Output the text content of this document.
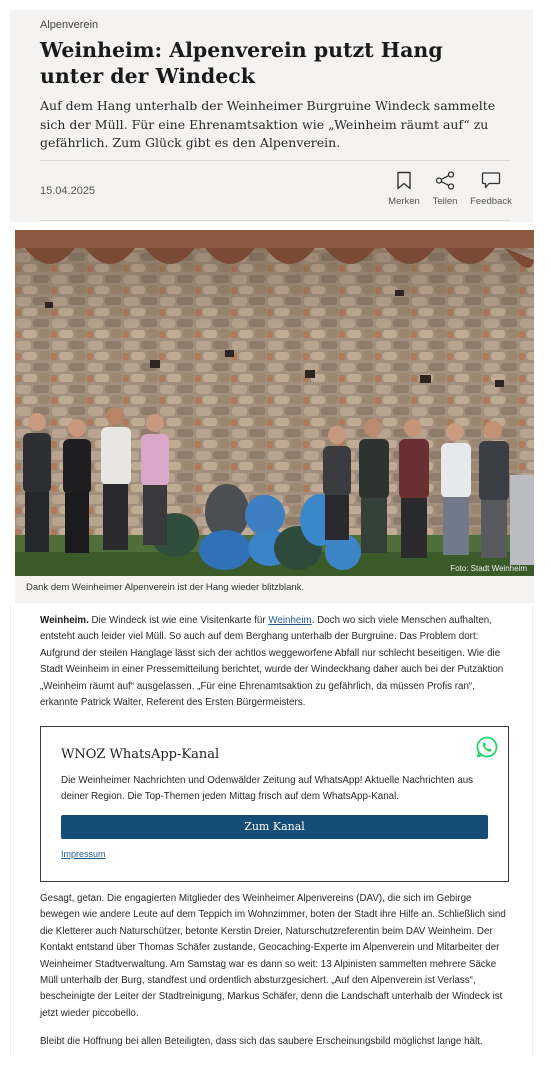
Alpenverein
Weinheim: Alpenverein putzt Hang unter der Windeck

Auf dem Hang unterhalb der Weinheimer Burgruine Windeck sammelte sich der Müll. Für eine Ehrenamtsaktion wie „Weinheim räumt auf“ zu gefährlich. Zum Glück gibt es den Alpenverein.

15.04.2025
Merken Teilen Feedback
Foto: Stadt Weinheim
Dank dem Weinheimer Alpenverein ist der Hang wieder blitzblank.

Weinheim. Die Windeck ist wie eine Visitenkarte für Weinheim. Doch wo sich viele Menschen aufhalten, entsteht auch leider viel Müll. So auch auf dem Berghang unterhalb der Burgruine. Das Problem dort: Aufgrund der steilen Hanglage lässt sich der achtlos weggeworfene Abfall nur schlecht beseitigen. Wie die Stadt Weinheim in einer Pressemitteilung berichtet, wurde der Windeckhang daher auch bei der Putzaktion „Weinheim räumt auf“ ausgelassen. „Für eine Ehrenamtsaktion zu gefährlich, da müssen Profis ran“, erkannte Patrick Walter, Referent des Ersten Bürgermeisters.

WNOZ WhatsApp-Kanal
Die Weinheimer Nachrichten und Odenwälder Zeitung auf WhatsApp! Aktuelle Nachrichten aus deiner Region. Die Top-Themen jeden Mittag frisch auf dem WhatsApp-Kanal.
Zum Kanal
Impressum

Gesagt, getan. Die engagierten Mitglieder des Weinheimer Alpenvereins (DAV), die sich im Gebirge bewegen wie andere Leute auf dem Teppich im Wohnzimmer, boten der Stadt ihre Hilfe an. Schließlich sind die Kletterer auch Naturschützer, betonte Kerstin Dreier, Naturschutzreferentin beim DAV Weinheim. Der Kontakt entstand über Thomas Schäfer zustande, Geocaching-Experte im Alpenverein und Mitarbeiter der Weinheimer Stadtverwaltung. Am Samstag war es dann so weit: 13 Alpinisten sammelten mehrere Säcke Müll unterhalb der Burg, standfest und ordentlich absturzgesichert. „Auf den Alpenverein ist Verlass“, bescheinigte der Leiter der Stadtreinigung, Markus Schäfer, denn die Landschaft unterhalb der Windeck ist jetzt wieder piccobello.

Bleibt die Hoffnung bei allen Beteiligten, dass sich das saubere Erscheinungsbild möglichst lange hält.
